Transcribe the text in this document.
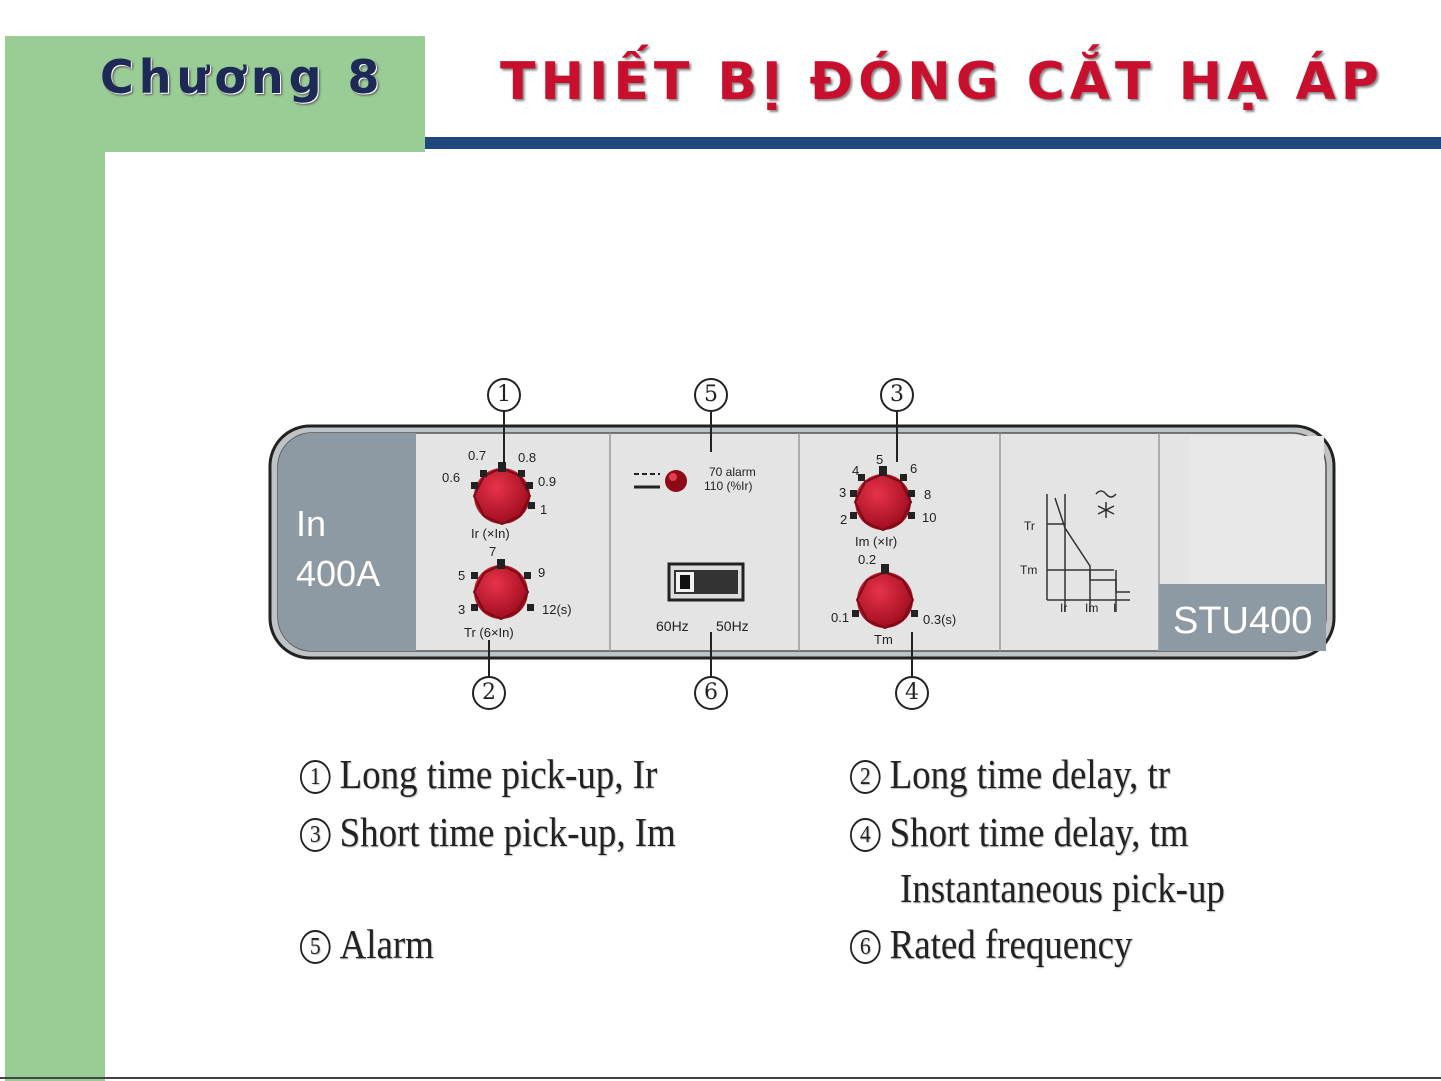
Chương 8 THIẾT BỊ ĐÓNG CẮT HẠ ÁP
In
400A
STU400
0.6
0.7 0.8
0.9
1
Ir (×In)
3
5
7
9
12(s)
Tr (6×In)
70 alarm
110 (%Ir)
60Hz 50Hz
2
3
4
5
6
8
10
Im (×Ir)
0.1
0.2
0.3(s)
Tm
Tr
Tm
Ir Im I
1	5	3
2	6	4
1 Long time pick-up, Ir	2 Long time delay, tr
3 Short time pick-up, Im	4 Short time delay, tm
Instantaneous pick-up
5 Alarm	6 Rated frequency
